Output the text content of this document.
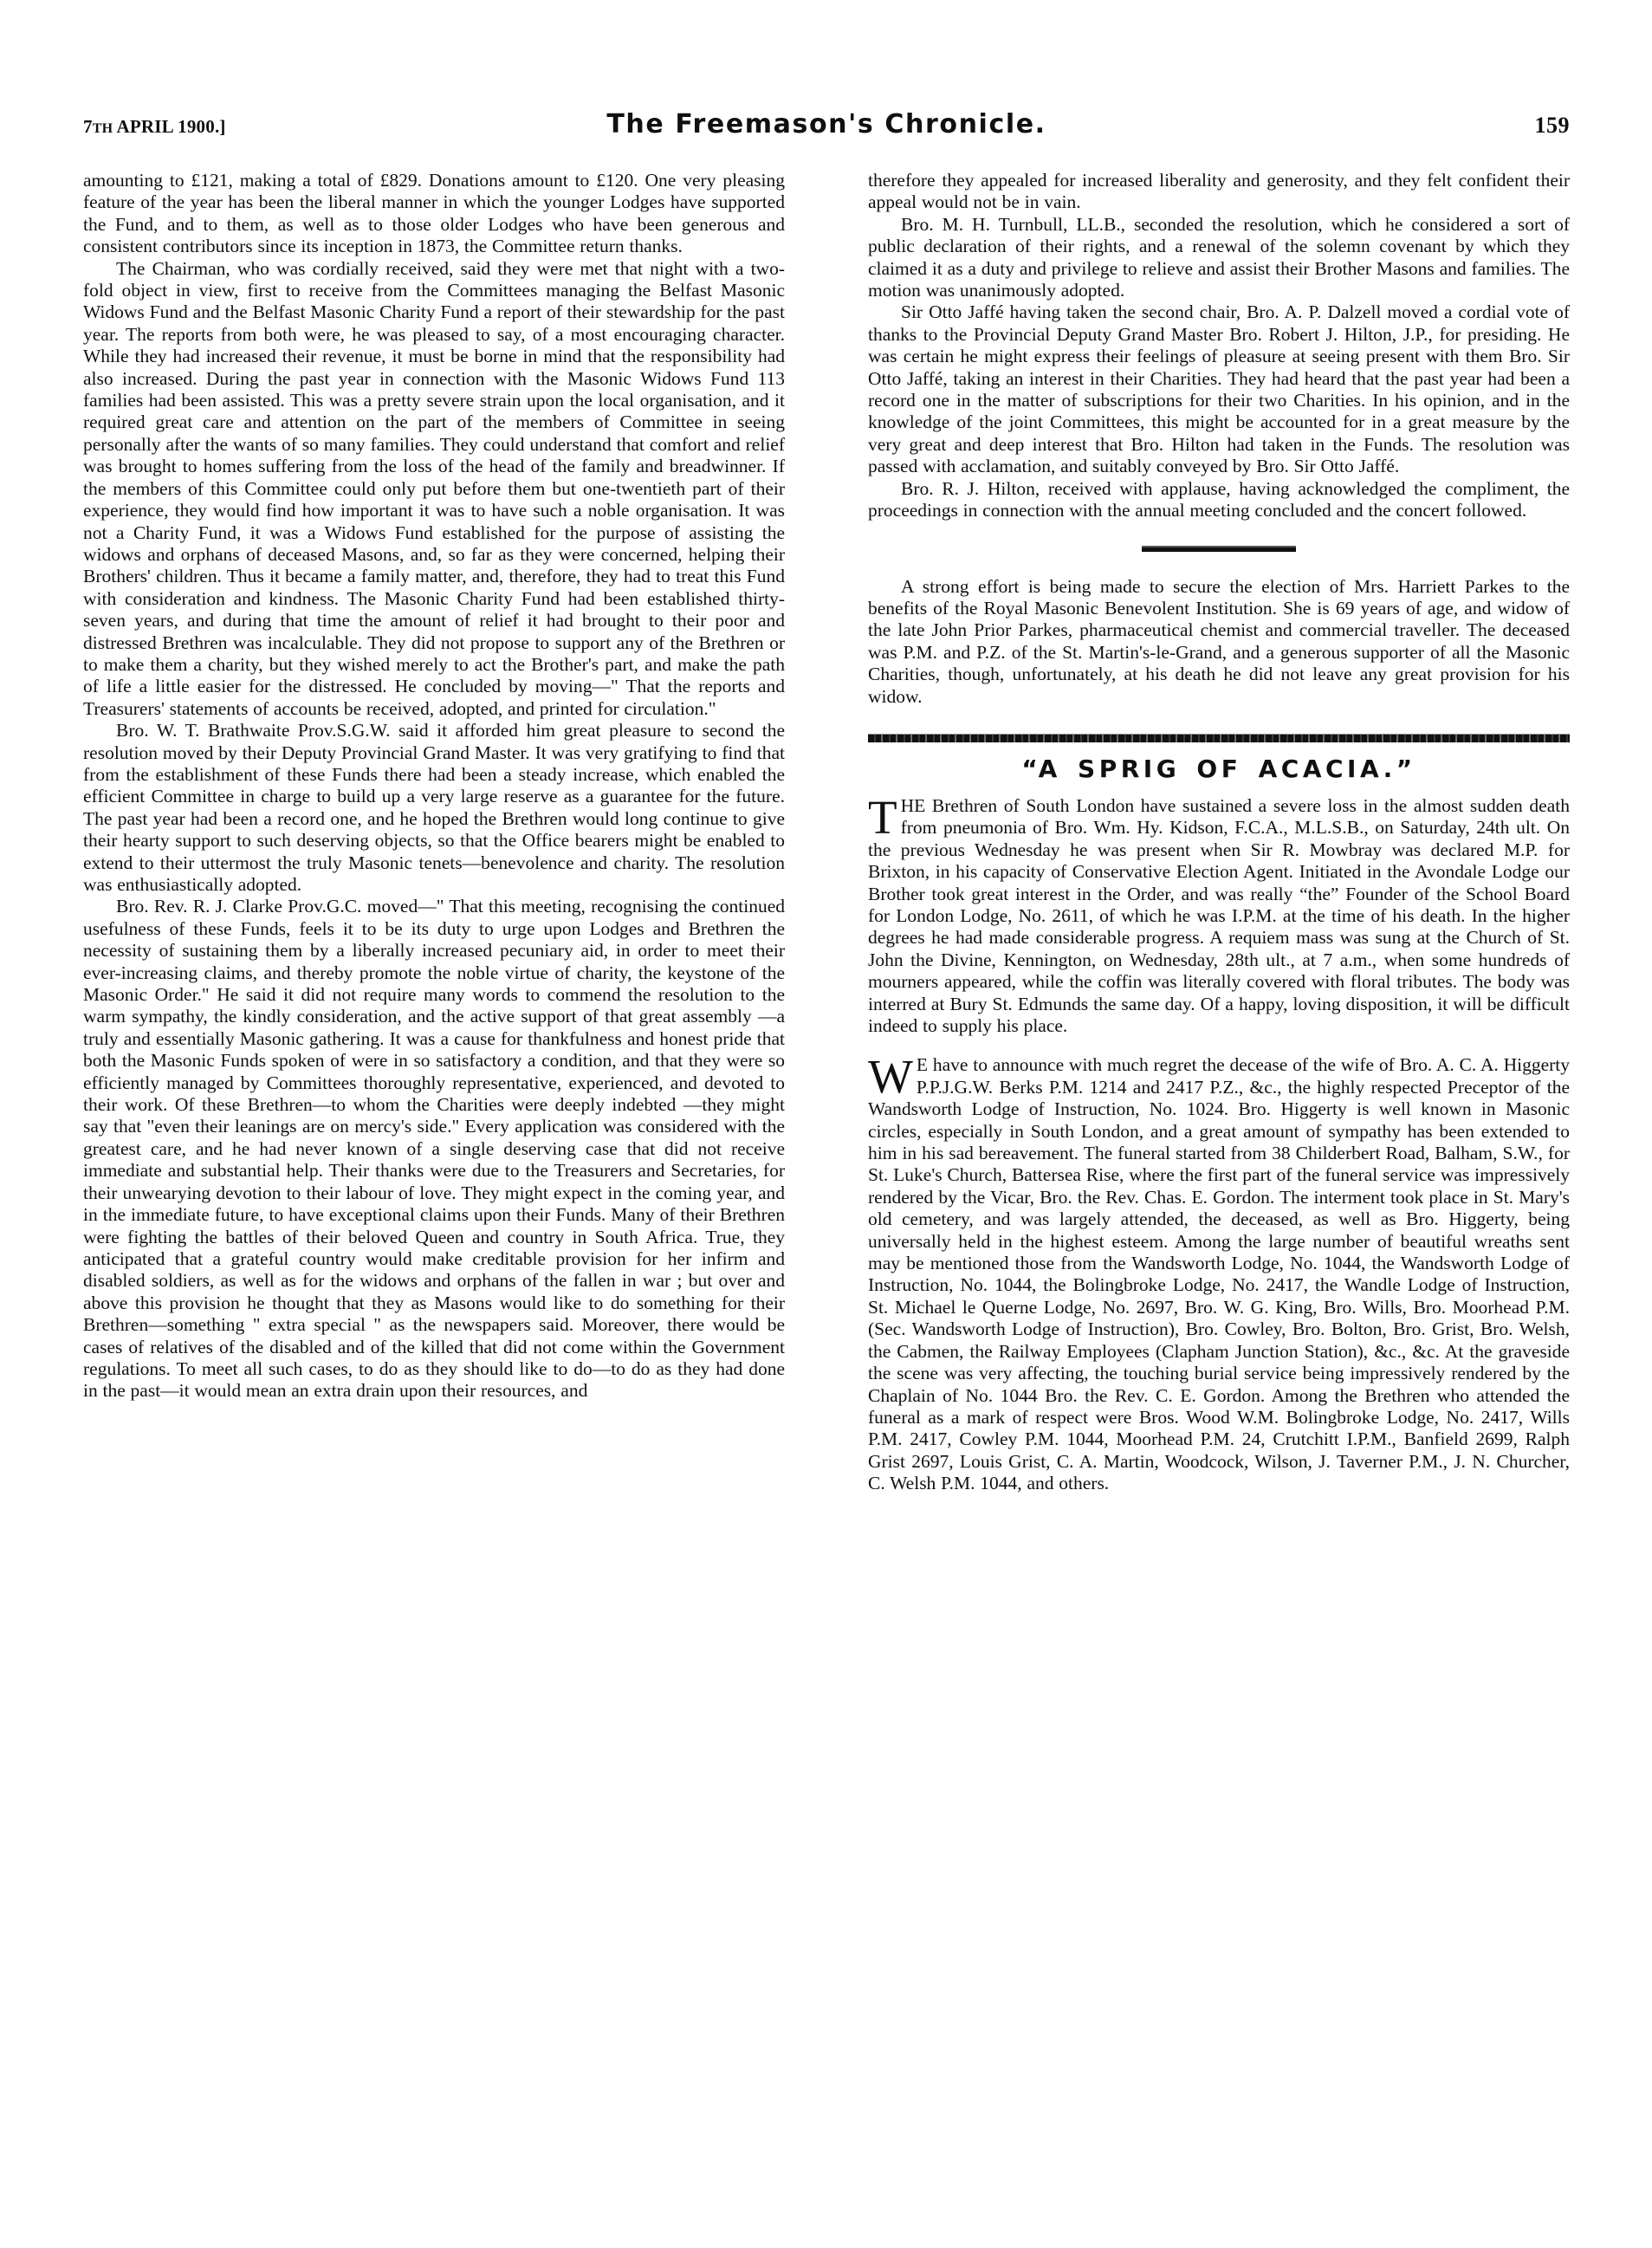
7TH APRIL 1900.]	The Freemason's Chronicle.	159

amounting to £121, making a total of £829. Donations amount to £120. One very pleasing feature of the year has been the liberal manner in which the younger Lodges have supported the Fund, and to them, as well as to those older Lodges who have been generous and consistent contributors since its inception in 1873, the Committee return thanks.

The Chairman, who was cordially received, said they were met that night with a two-fold object in view, first to receive from the Committees managing the Belfast Masonic Widows Fund and the Belfast Masonic Charity Fund a report of their stewardship for the past year. The reports from both were, he was pleased to say, of a most encouraging character. While they had increased their revenue, it must be borne in mind that the responsibility had also increased. During the past year in connection with the Masonic Widows Fund 113 families had been assisted. This was a pretty severe strain upon the local organisation, and it required great care and attention on the part of the members of Committee in seeing personally after the wants of so many families. They could understand that comfort and relief was brought to homes suffering from the loss of the head of the family and breadwinner. If the members of this Committee could only put before them but one-twentieth part of their experience, they would find how important it was to have such a noble organisation. It was not a Charity Fund, it was a Widows Fund established for the purpose of assisting the widows and orphans of deceased Masons, and, so far as they were concerned, helping their Brothers' children. Thus it became a family matter, and, therefore, they had to treat this Fund with consideration and kindness. The Masonic Charity Fund had been established thirty-seven years, and during that time the amount of relief it had brought to their poor and distressed Brethren was incalculable. They did not propose to support any of the Brethren or to make them a charity, but they wished merely to act the Brother's part, and make the path of life a little easier for the distressed. He concluded by moving—" That the reports and Treasurers' statements of accounts be received, adopted, and printed for circulation."

Bro. W. T. Brathwaite Prov.S.G.W. said it afforded him great pleasure to second the resolution moved by their Deputy Provincial Grand Master. It was very gratifying to find that from the establishment of these Funds there had been a steady increase, which enabled the efficient Committee in charge to build up a very large reserve as a guarantee for the future. The past year had been a record one, and he hoped the Brethren would long continue to give their hearty support to such deserving objects, so that the Office bearers might be enabled to extend to their uttermost the truly Masonic tenets—benevolence and charity. The resolution was enthusiastically adopted.

Bro. Rev. R. J. Clarke Prov.G.C. moved—" That this meeting, recognising the continued usefulness of these Funds, feels it to be its duty to urge upon Lodges and Brethren the necessity of sustaining them by a liberally increased pecuniary aid, in order to meet their ever-increasing claims, and thereby promote the noble virtue of charity, the keystone of the Masonic Order." He said it did not require many words to commend the resolution to the warm sympathy, the kindly consideration, and the active support of that great assembly —a truly and essentially Masonic gathering. It was a cause for thankfulness and honest pride that both the Masonic Funds spoken of were in so satisfactory a condition, and that they were so efficiently managed by Committees thoroughly representative, experienced, and devoted to their work. Of these Brethren—to whom the Charities were deeply indebted —they might say that "even their leanings are on mercy's side." Every application was considered with the greatest care, and he had never known of a single deserving case that did not receive immediate and substantial help. Their thanks were due to the Treasurers and Secretaries, for their unwearying devotion to their labour of love. They might expect in the coming year, and in the immediate future, to have exceptional claims upon their Funds. Many of their Brethren were fighting the battles of their beloved Queen and country in South Africa. True, they anticipated that a grateful country would make creditable provision for her infirm and disabled soldiers, as well as for the widows and orphans of the fallen in war ; but over and above this provision he thought that they as Masons would like to do something for their Brethren—something " extra special " as the newspapers said. Moreover, there would be cases of relatives of the disabled and of the killed that did not come within the Government regulations. To meet all such cases, to do as they should like to do—to do as they had done in the past—it would mean an extra drain upon their resources, and

therefore they appealed for increased liberality and generosity, and they felt confident their appeal would not be in vain.

Bro. M. H. Turnbull, LL.B., seconded the resolution, which he considered a sort of public declaration of their rights, and a renewal of the solemn covenant by which they claimed it as a duty and privilege to relieve and assist their Brother Masons and families. The motion was unanimously adopted.

Sir Otto Jaffé having taken the second chair, Bro. A. P. Dalzell moved a cordial vote of thanks to the Provincial Deputy Grand Master Bro. Robert J. Hilton, J.P., for presiding. He was certain he might express their feelings of pleasure at seeing present with them Bro. Sir Otto Jaffé, taking an interest in their Charities. They had heard that the past year had been a record one in the matter of subscriptions for their two Charities. In his opinion, and in the knowledge of the joint Committees, this might be accounted for in a great measure by the very great and deep interest that Bro. Hilton had taken in the Funds. The resolution was passed with acclamation, and suitably conveyed by Bro. Sir Otto Jaffé.

Bro. R. J. Hilton, received with applause, having acknowledged the compliment, the proceedings in connection with the annual meeting concluded and the concert followed.

A strong effort is being made to secure the election of Mrs. Harriett Parkes to the benefits of the Royal Masonic Benevolent Institution. She is 69 years of age, and widow of the late John Prior Parkes, pharmaceutical chemist and commercial traveller. The deceased was P.M. and P.Z. of the St. Martin's-le-Grand, and a generous supporter of all the Masonic Charities, though, unfortunately, at his death he did not leave any great provision for his widow.

“A SPRIG OF ACACIA.”

THE Brethren of South London have sustained a severe loss in the almost sudden death from pneumonia of Bro. Wm. Hy. Kidson, F.C.A., M.L.S.B., on Saturday, 24th ult. On the previous Wednesday he was present when Sir R. Mowbray was declared M.P. for Brixton, in his capacity of Conservative Election Agent. Initiated in the Avondale Lodge our Brother took great interest in the Order, and was really “the” Founder of the School Board for London Lodge, No. 2611, of which he was I.P.M. at the time of his death. In the higher degrees he had made considerable progress. A requiem mass was sung at the Church of St. John the Divine, Kennington, on Wednesday, 28th ult., at 7 a.m., when some hundreds of mourners appeared, while the coffin was literally covered with floral tributes. The body was interred at Bury St. Edmunds the same day. Of a happy, loving disposition, it will be difficult indeed to supply his place.

W E have to announce with much regret the decease of the wife of Bro. A. C. A. Higgerty P.P.J.G.W. Berks P.M. 1214 and 2417 P.Z., &c., the highly respected Preceptor of the Wandsworth Lodge of Instruction, No. 1024. Bro. Higgerty is well known in Masonic circles, especially in South London, and a great amount of sympathy has been extended to him in his sad bereavement. The funeral started from 38 Childerbert Road, Balham, S.W., for St. Luke's Church, Battersea Rise, where the first part of the funeral service was impressively rendered by the Vicar, Bro. the Rev. Chas. E. Gordon. The interment took place in St. Mary's old cemetery, and was largely attended, the deceased, as well as Bro. Higgerty, being universally held in the highest esteem. Among the large number of beautiful wreaths sent may be mentioned those from the Wandsworth Lodge, No. 1044, the Wandsworth Lodge of Instruction, No. 1044, the Bolingbroke Lodge, No. 2417, the Wandle Lodge of Instruction, St. Michael le Querne Lodge, No. 2697, Bro. W. G. King, Bro. Wills, Bro. Moorhead P.M. (Sec. Wandsworth Lodge of Instruction), Bro. Cowley, Bro. Bolton, Bro. Grist, Bro. Welsh, the Cabmen, the Railway Employees (Clapham Junction Station), &c., &c. At the graveside the scene was very affecting, the touching burial service being impressively rendered by the Chaplain of No. 1044 Bro. the Rev. C. E. Gordon. Among the Brethren who attended the funeral as a mark of respect were Bros. Wood W.M. Bolingbroke Lodge, No. 2417, Wills P.M. 2417, Cowley P.M. 1044, Moorhead P.M. 24, Crutchitt I.P.M., Banfield 2699, Ralph Grist 2697, Louis Grist, C. A. Martin, Woodcock, Wilson, J. Taverner P.M., J. N. Churcher, C. Welsh P.M. 1044, and others.
